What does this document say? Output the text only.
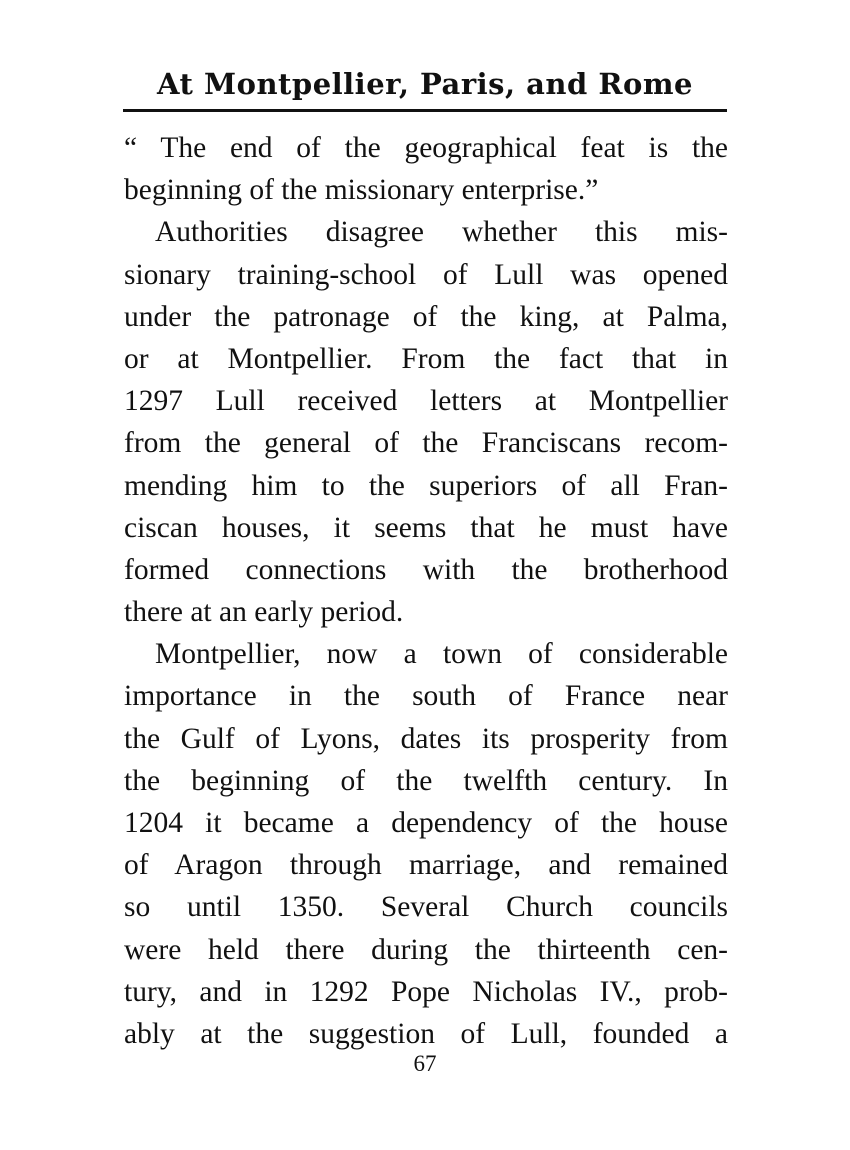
At Montpellier, Paris, and Rome
“ The end of the geographical feat is the
beginning of the missionary enterprise.”
Authorities disagree whether this mis-
sionary training-school of Lull was opened
under the patronage of the king, at Palma,
or at Montpellier. From the fact that in
1297 Lull received letters at Montpellier
from the general of the Franciscans recom-
mending him to the superiors of all Fran-
ciscan houses, it seems that he must have
formed connections with the brotherhood
there at an early period.
Montpellier, now a town of considerable
importance in the south of France near
the Gulf of Lyons, dates its prosperity from
the beginning of the twelfth century. In
1204 it became a dependency of the house
of Aragon through marriage, and remained
so until 1350. Several Church councils
were held there during the thirteenth cen-
tury, and in 1292 Pope Nicholas IV., prob-
ably at the suggestion of Lull, founded a
67
